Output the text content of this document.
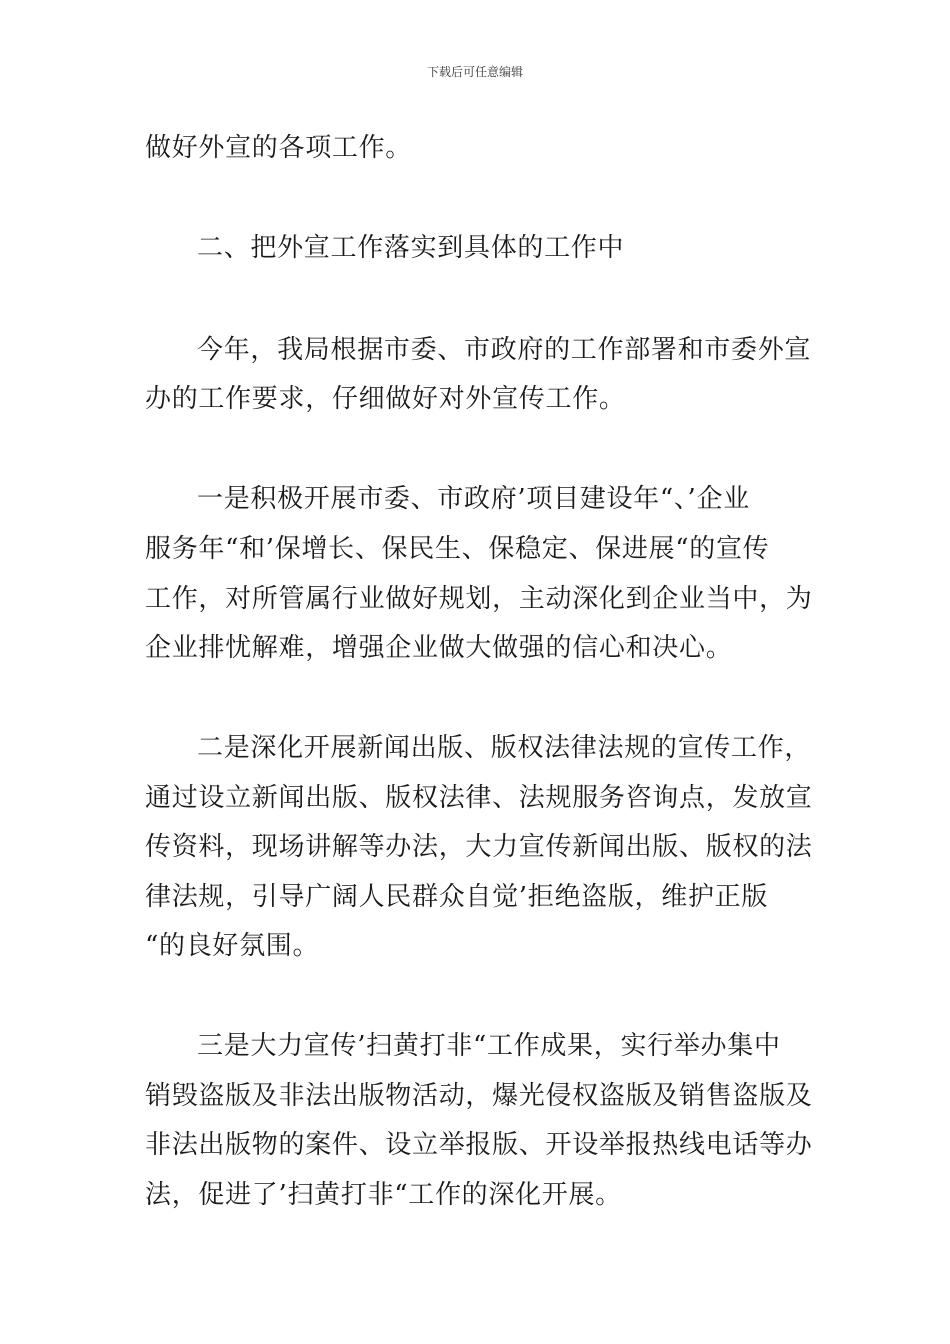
下载后可任意编辑

做好外宣的各项工作。

二、把外宣工作落实到具体的工作中

今年，我局根据市委、市政府的工作部署和市委外宣

办的工作要求，仔细做好对外宣传工作。

一是积极开展市委、市政府’项目建设年“、’企业

服务年“和’保增长、保民生、保稳定、保进展“的宣传

工作，对所管属行业做好规划，主动深化到企业当中，为

企业排忧解难，增强企业做大做强的信心和决心。

二是深化开展新闻出版、版权法律法规的宣传工作，

通过设立新闻出版、版权法律、法规服务咨询点，发放宣

传资料，现场讲解等办法，大力宣传新闻出版、版权的法

律法规，引导广阔人民群众自觉’拒绝盗版，维护正版

“的良好氛围。

三是大力宣传’扫黄打非“工作成果，实行举办集中

销毁盗版及非法出版物活动，爆光侵权盗版及销售盗版及

非法出版物的案件、设立举报版、开设举报热线电话等办

法，促进了’扫黄打非“工作的深化开展。
